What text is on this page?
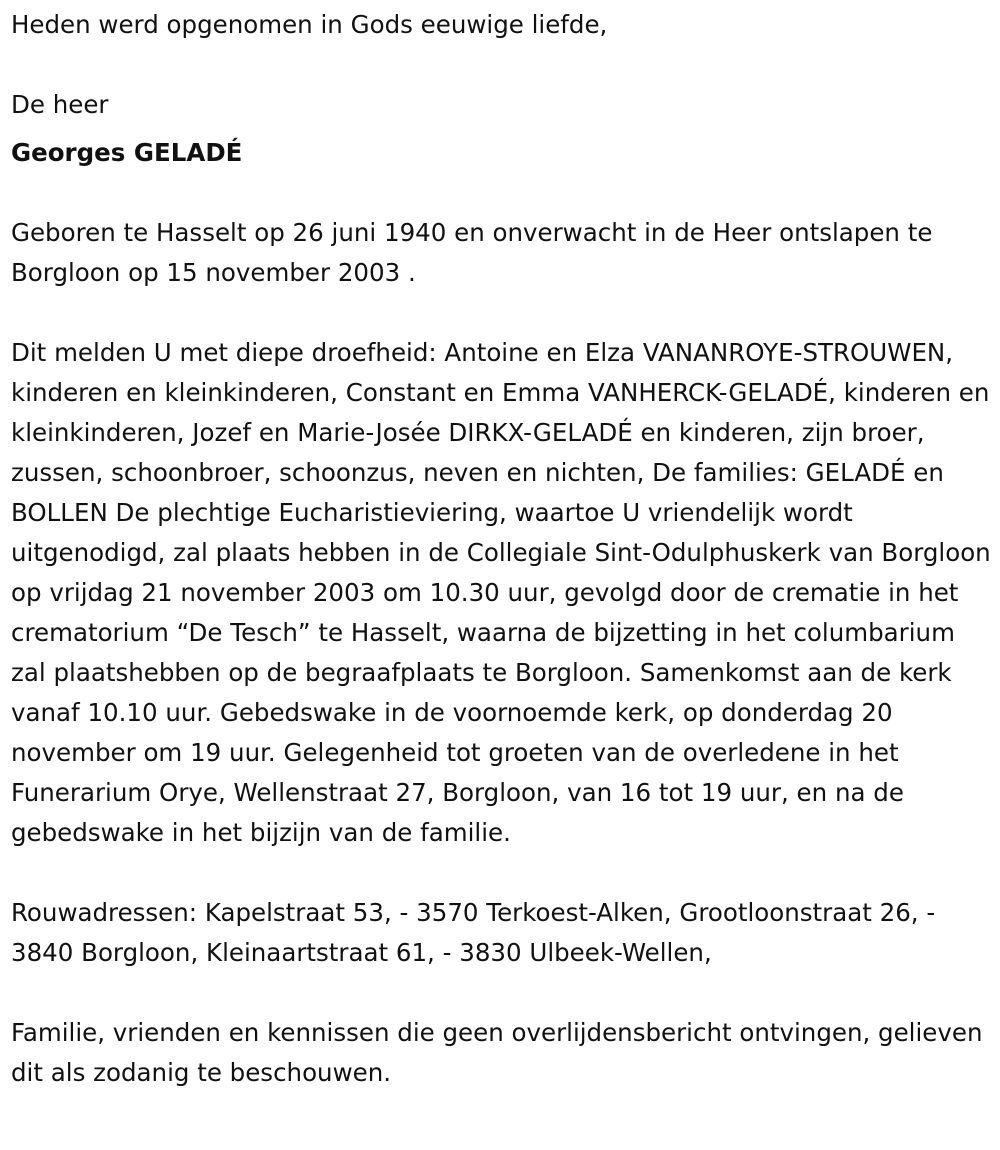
Heden werd opgenomen in Gods eeuwige liefde,

De heer

Georges GELADÉ

Geboren te Hasselt op 26 juni 1940 en onverwacht in de Heer ontslapen te Borgloon op 15 november 2003 .

Dit melden U met diepe droefheid: Antoine en Elza VANANROYE-STROUWEN, kinderen en kleinkinderen, Constant en Emma VANHERCK-GELADÉ, kinderen en kleinkinderen, Jozef en Marie-Josée DIRKX-GELADÉ en kinderen, zijn broer, zussen, schoonbroer, schoonzus, neven en nichten, De families: GELADÉ en BOLLEN De plechtige Eucharistieviering, waartoe U vriendelijk wordt uitgenodigd, zal plaats hebben in de Collegiale Sint-Odulphuskerk van Borgloon op vrijdag 21 november 2003 om 10.30 uur, gevolgd door de crematie in het crematorium “De Tesch” te Hasselt, waarna de bijzetting in het columbarium zal plaatshebben op de begraafplaats te Borgloon. Samenkomst aan de kerk vanaf 10.10 uur. Gebedswake in de voornoemde kerk, op donderdag 20 november om 19 uur. Gelegenheid tot groeten van de overledene in het Funerarium Orye, Wellenstraat 27, Borgloon, van 16 tot 19 uur, en na de gebedswake in het bijzijn van de familie.

Rouwadressen: Kapelstraat 53, - 3570 Terkoest-Alken, Grootloonstraat 26, - 3840 Borgloon, Kleinaartstraat 61, - 3830 Ulbeek-Wellen,

Familie, vrienden en kennissen die geen overlijdensbericht ontvingen, gelieven dit als zodanig te beschouwen.
